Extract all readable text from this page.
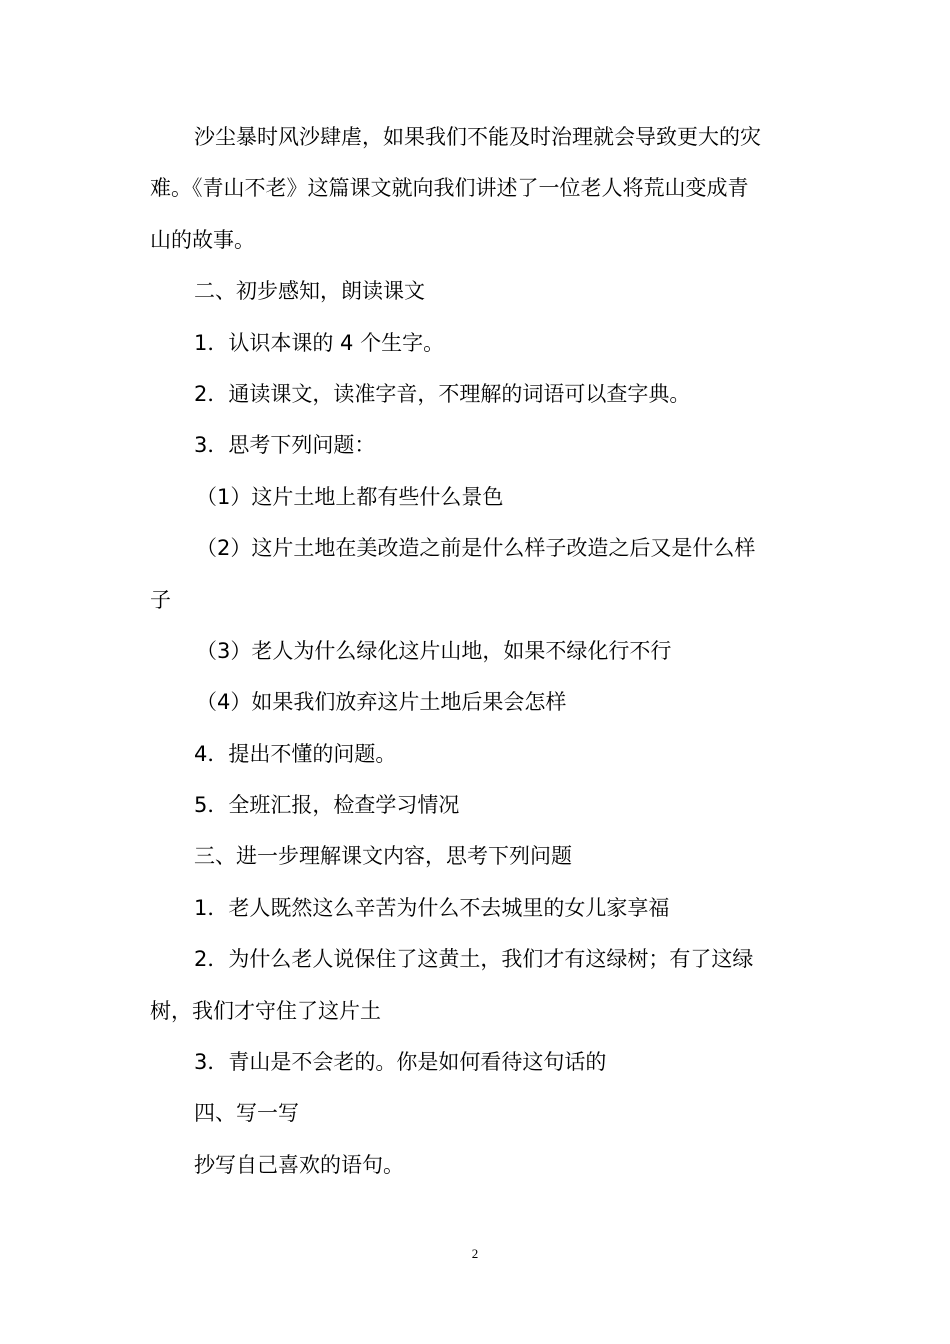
沙尘暴时风沙肆虐，如果我们不能及时治理就会导致更大的灾
难。《青山不老》这篇课文就向我们讲述了一位老人将荒山变成青
山的故事。
二、初步感知，朗读课文
1．认识本课的 4 个生字。
2．通读课文，读准字音，不理解的词语可以查字典。
3．思考下列问题：
（1）这片土地上都有些什么景色
（2）这片土地在美改造之前是什么样子改造之后又是什么样
子
（3）老人为什么绿化这片山地，如果不绿化行不行
（4）如果我们放弃这片土地后果会怎样
4．提出不懂的问题。
5．全班汇报，检查学习情况
三、进一步理解课文内容，思考下列问题
1．老人既然这么辛苦为什么不去城里的女儿家享福
2．为什么老人说保住了这黄土，我们才有这绿树；有了这绿
树，我们才守住了这片土
3．青山是不会老的。你是如何看待这句话的
四、写一写
抄写自己喜欢的语句。
2
